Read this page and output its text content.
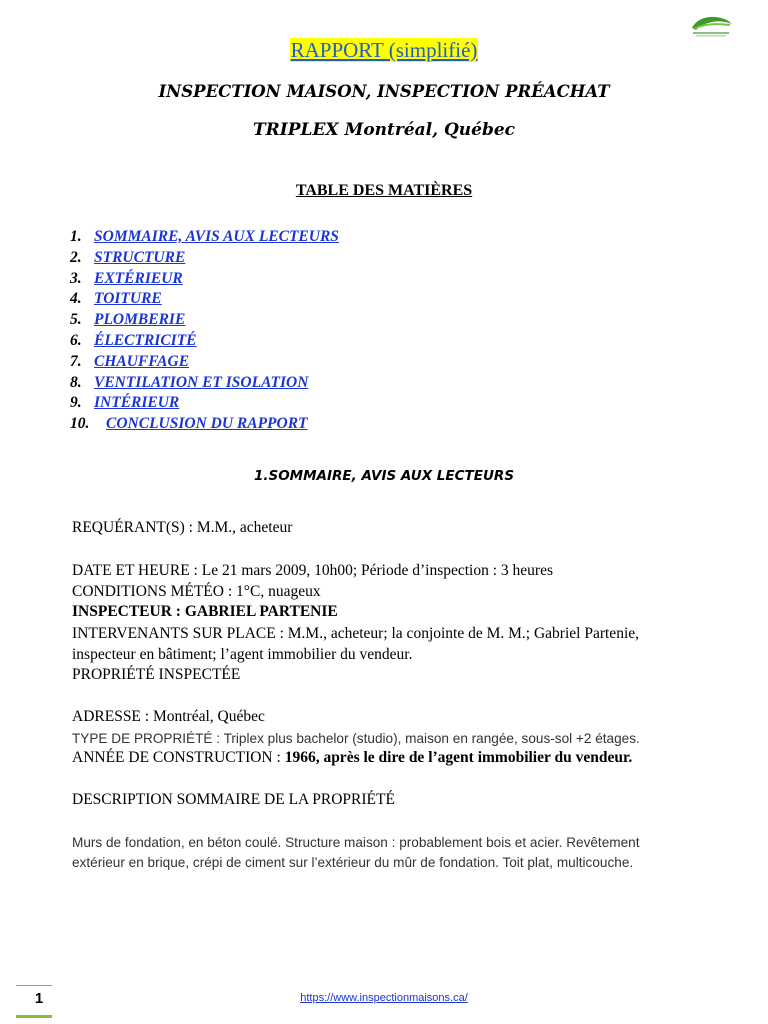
RAPPORT (simplifié)
INSPECTION MAISON, INSPECTION PRÉACHAT
TRIPLEX Montréal, Québec
TABLE DES MATIÈRES
1. SOMMAIRE, AVIS AUX LECTEURS
2. STRUCTURE
3. EXTÉRIEUR
4. TOITURE
5. PLOMBERIE
6. ÉLECTRICITÉ
7. CHAUFFAGE
8. VENTILATION ET ISOLATION
9. INTÉRIEUR
10. CONCLUSION DU RAPPORT
1.SOMMAIRE, AVIS AUX LECTEURS
REQUÉRANT(S) : M.M., acheteur
DATE ET HEURE : Le 21 mars 2009, 10h00; Période d’inspection : 3 heures
CONDITIONS MÉTÉO : 1°C, nuageux
INSPECTEUR : GABRIEL PARTENIE
INTERVENANTS SUR PLACE : M.M., acheteur; la conjointe de M. M.; Gabriel Partenie,
inspecteur en bâtiment; l’agent immobilier du vendeur.
PROPRIÉTÉ INSPECTÉE
ADRESSE : Montréal, Québec
TYPE DE PROPRIÉTÉ : Triplex plus bachelor (studio), maison en rangée, sous-sol +2 étages.
ANNÉE DE CONSTRUCTION : 1966, après le dire de l’agent immobilier du vendeur.
DESCRIPTION SOMMAIRE DE LA PROPRIÉTÉ
Murs de fondation, en béton coulé. Structure maison : probablement bois et acier. Revêtement
extérieur en brique, crépi de ciment sur l’extérieur du mûr de fondation. Toit plat, multicouche.
1	https://www.inspectionmaisons.ca/
